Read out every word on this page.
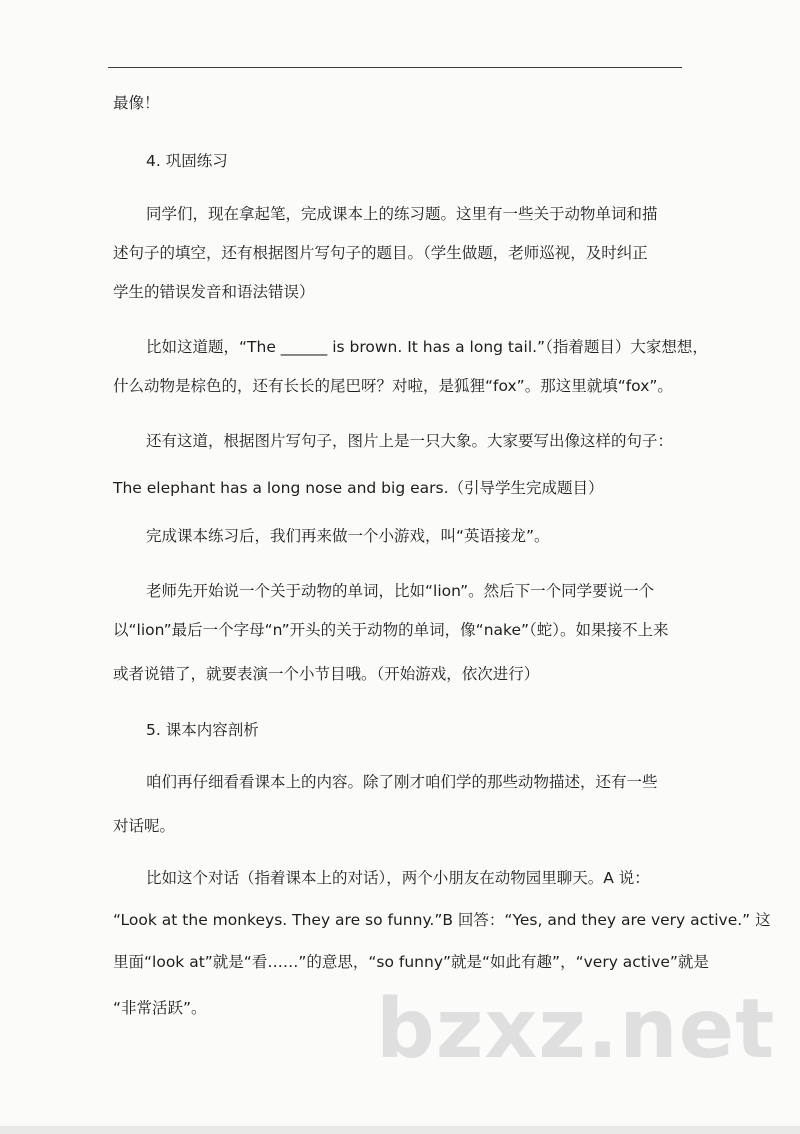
最像！
4. 巩固练习
同学们，现在拿起笔，完成课本上的练习题。这里有一些关于动物单词和描
述句子的填空，还有根据图片写句子的题目。（学生做题，老师巡视，及时纠正
学生的错误发音和语法错误）
比如这道题，“The ______ is brown. It has a long tail.”（指着题目）大家想想，
什么动物是棕色的，还有长长的尾巴呀？对啦，是狐狸“fox”。那这里就填“fox”。
还有这道，根据图片写句子，图片上是一只大象。大家要写出像这样的句子：
The elephant has a long nose and big ears.（引导学生完成题目）
完成课本练习后，我们再来做一个小游戏，叫“英语接龙”。
老师先开始说一个关于动物的单词，比如“lion”。然后下一个同学要说一个
以“lion”最后一个字母“n”开头的关于动物的单词，像“nake”（蛇）。如果接不上来
或者说错了，就要表演一个小节目哦。（开始游戏，依次进行）
5. 课本内容剖析
咱们再仔细看看课本上的内容。除了刚才咱们学的那些动物描述，还有一些
对话呢。
比如这个对话（指着课本上的对话），两个小朋友在动物园里聊天。A 说：
“Look at the monkeys. They are so funny.”B 回答：“Yes, and they are very active.” 这
里面“look at”就是“看……”的意思，“so funny”就是“如此有趣”，“very active”就是
“非常活跃”。 bzxz.net
